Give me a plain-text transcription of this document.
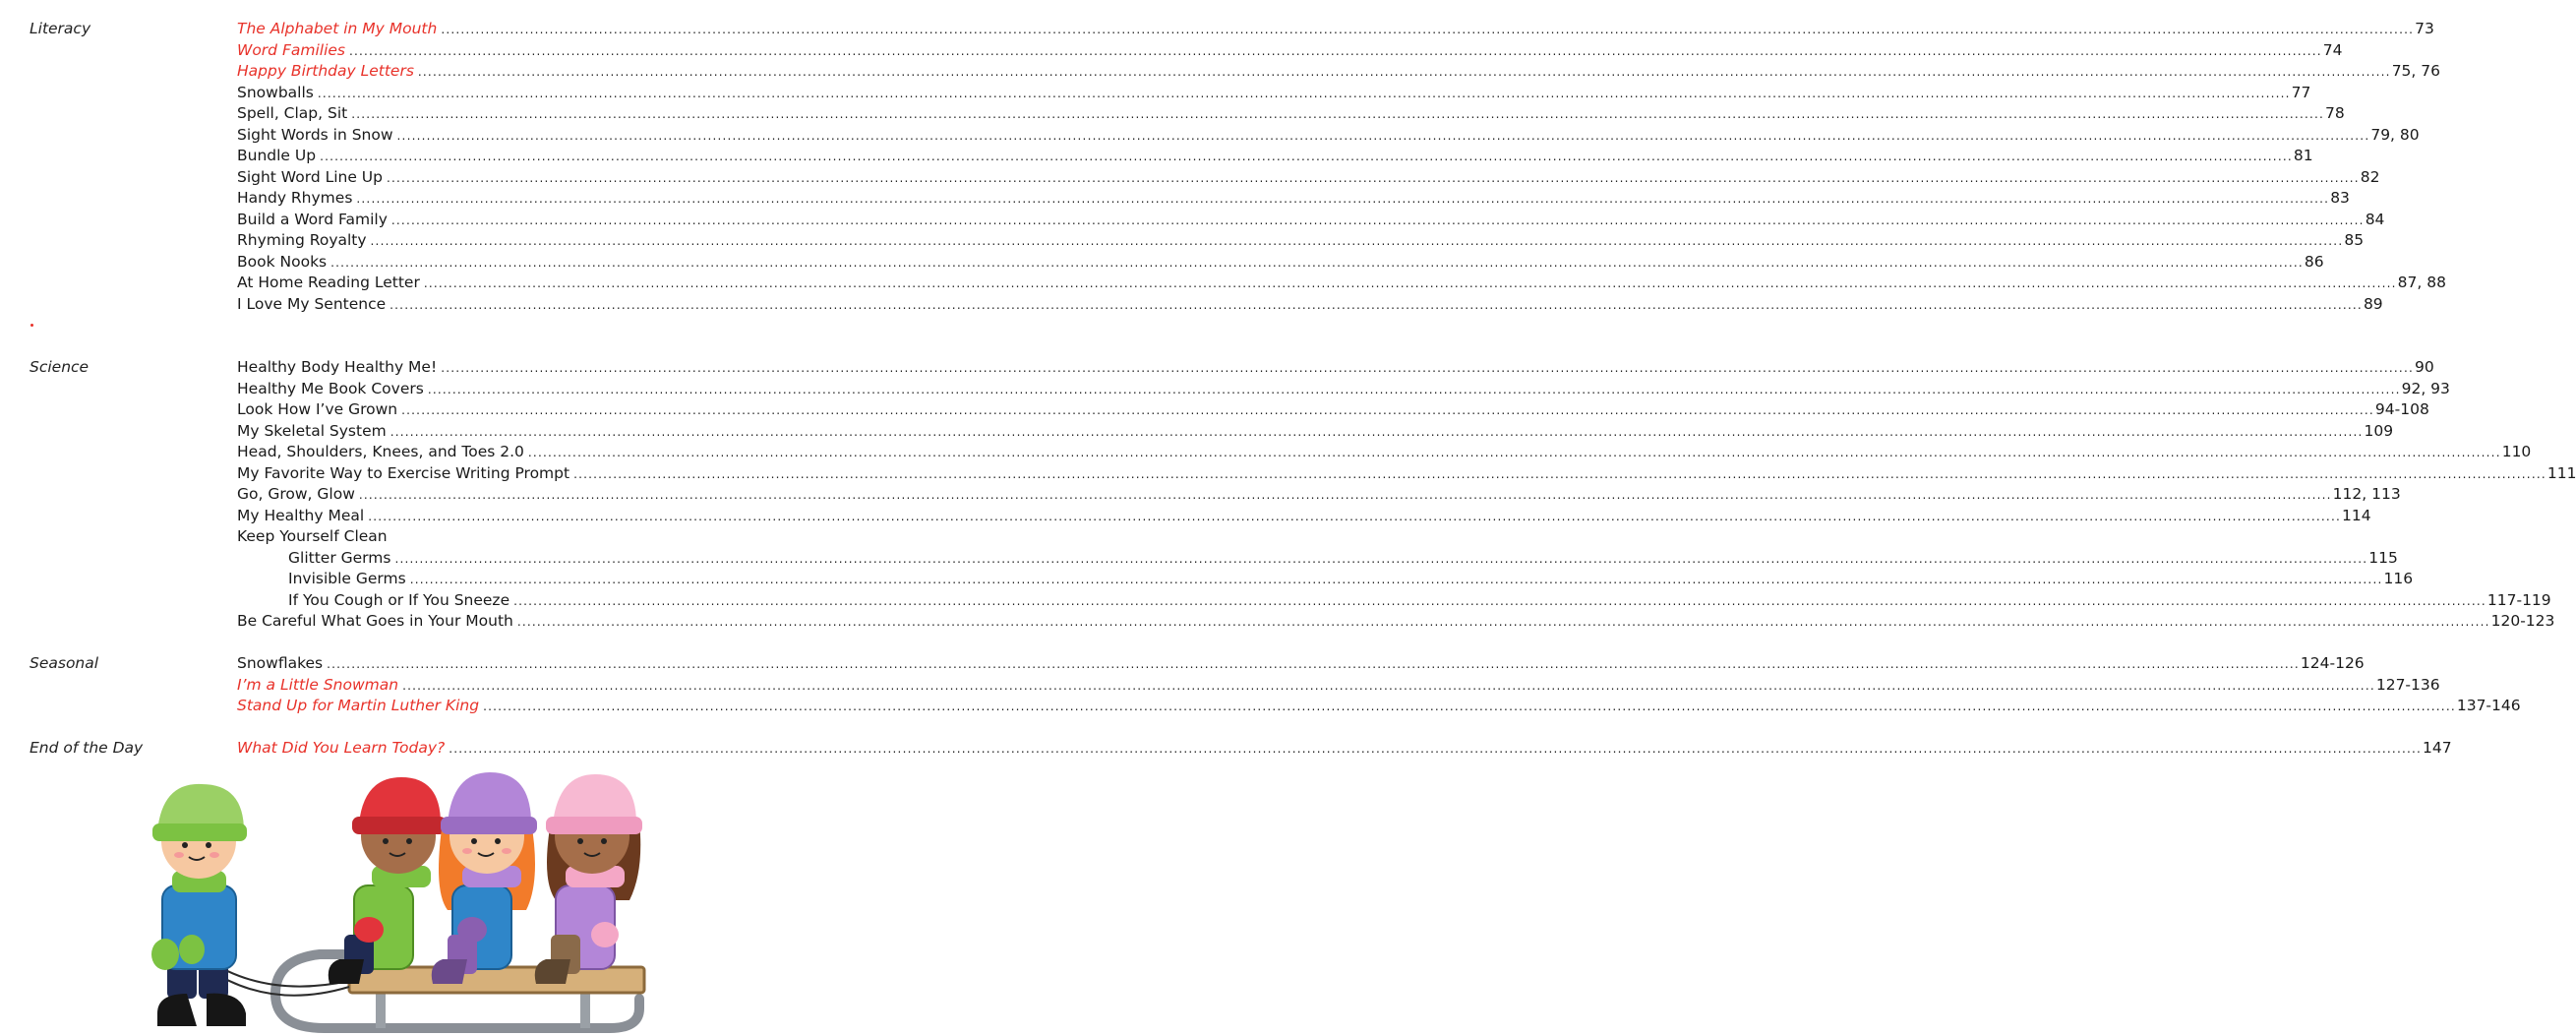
Literacy	The Alphabet in My Mouth ................................................................................................................................................................................................................................................................................................................................................................................................................ 73
Word Families ................................................................................................................................................................................................................................................................................................................................................................................................................ 74
Happy Birthday Letters ................................................................................................................................................................................................................................................................................................................................................................................................................ 75, 76
Snowballs ................................................................................................................................................................................................................................................................................................................................................................................................................ 77
Spell, Clap, Sit ................................................................................................................................................................................................................................................................................................................................................................................................................ 78
Sight Words in Snow ................................................................................................................................................................................................................................................................................................................................................................................................................ 79, 80
Bundle Up ................................................................................................................................................................................................................................................................................................................................................................................................................ 81
Sight Word Line Up ................................................................................................................................................................................................................................................................................................................................................................................................................ 82
Handy Rhymes ................................................................................................................................................................................................................................................................................................................................................................................................................ 83
Build a Word Family ................................................................................................................................................................................................................................................................................................................................................................................................................ 84
Rhyming Royalty ................................................................................................................................................................................................................................................................................................................................................................................................................ 85
Book Nooks ................................................................................................................................................................................................................................................................................................................................................................................................................ 86
At Home Reading Letter ................................................................................................................................................................................................................................................................................................................................................................................................................ 87, 88
I Love My Sentence ................................................................................................................................................................................................................................................................................................................................................................................................................ 89
Science	Healthy Body Healthy Me! ................................................................................................................................................................................................................................................................................................................................................................................................................ 90
Healthy Me Book Covers ................................................................................................................................................................................................................................................................................................................................................................................................................ 92, 93
Look How I’ve Grown ................................................................................................................................................................................................................................................................................................................................................................................................................ 94-108
My Skeletal System ................................................................................................................................................................................................................................................................................................................................................................................................................ 109
Head, Shoulders, Knees, and Toes 2.0 ................................................................................................................................................................................................................................................................................................................................................................................................................ 110
My Favorite Way to Exercise Writing Prompt ................................................................................................................................................................................................................................................................................................................................................................................................................ 111
Go, Grow, Glow ................................................................................................................................................................................................................................................................................................................................................................................................................ 112, 113
My Healthy Meal ................................................................................................................................................................................................................................................................................................................................................................................................................ 114
Keep Yourself Clean
Glitter Germs ................................................................................................................................................................................................................................................................................................................................................................................................................ 115
Invisible Germs ................................................................................................................................................................................................................................................................................................................................................................................................................ 116
If You Cough or If You Sneeze ................................................................................................................................................................................................................................................................................................................................................................................................................ 117-119
Be Careful What Goes in Your Mouth ................................................................................................................................................................................................................................................................................................................................................................................................................ 120-123
Seasonal	Snowflakes ................................................................................................................................................................................................................................................................................................................................................................................................................ 124-126
I’m a Little Snowman ................................................................................................................................................................................................................................................................................................................................................................................................................ 127-136
Stand Up for Martin Luther King ................................................................................................................................................................................................................................................................................................................................................................................................................ 137-146
End of the Day	What Did You Learn Today? ................................................................................................................................................................................................................................................................................................................................................................................................................ 147
